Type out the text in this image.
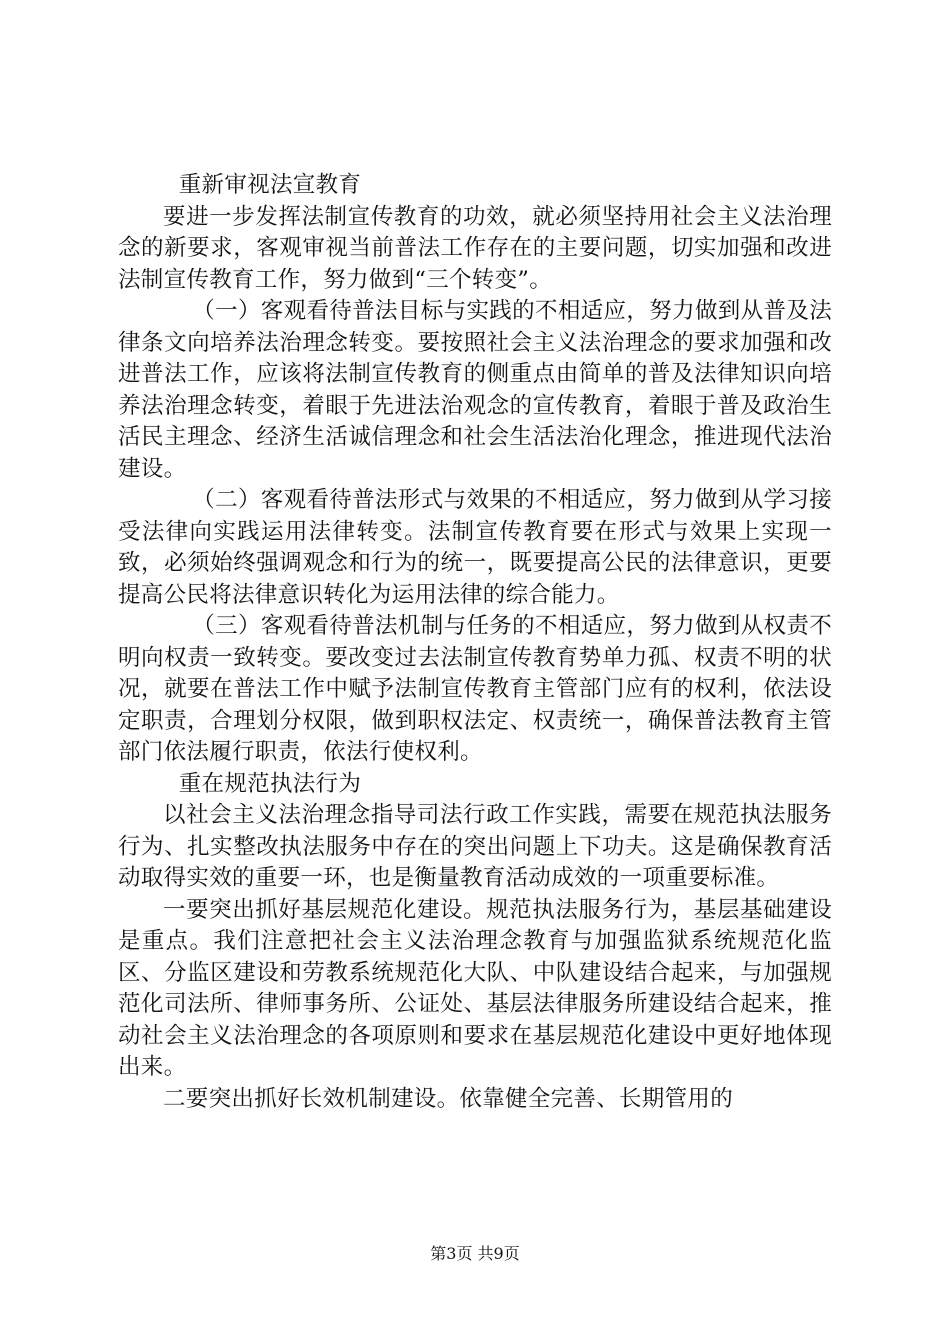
重新审视法宣教育

要进一步发挥法制宣传教育的功效，就必须坚持用社会主义法治理念的新要求，客观审视当前普法工作存在的主要问题，切实加强和改进法制宣传教育工作，努力做到“三个转变”。

（一）客观看待普法目标与实践的不相适应，努力做到从普及法律条文向培养法治理念转变。要按照社会主义法治理念的要求加强和改进普法工作，应该将法制宣传教育的侧重点由简单的普及法律知识向培养法治理念转变，着眼于先进法治观念的宣传教育，着眼于普及政治生活民主理念、经济生活诚信理念和社会生活法治化理念，推进现代法治建设。

（二）客观看待普法形式与效果的不相适应，努力做到从学习接受法律向实践运用法律转变。法制宣传教育要在形式与效果上实现一致，必须始终强调观念和行为的统一，既要提高公民的法律意识，更要提高公民将法律意识转化为运用法律的综合能力。

（三）客观看待普法机制与任务的不相适应，努力做到从权责不明向权责一致转变。要改变过去法制宣传教育势单力孤、权责不明的状况，就要在普法工作中赋予法制宣传教育主管部门应有的权利，依法设定职责，合理划分权限，做到职权法定、权责统一，确保普法教育主管部门依法履行职责，依法行使权利。

重在规范执法行为

以社会主义法治理念指导司法行政工作实践，需要在规范执法服务行为、扎实整改执法服务中存在的突出问题上下功夫。这是确保教育活动取得实效的重要一环，也是衡量教育活动成效的一项重要标准。

一要突出抓好基层规范化建设。规范执法服务行为，基层基础建设是重点。我们注意把社会主义法治理念教育与加强监狱系统规范化监区、分监区建设和劳教系统规范化大队、中队建设结合起来，与加强规范化司法所、律师事务所、公证处、基层法律服务所建设结合起来，推动社会主义法治理念的各项原则和要求在基层规范化建设中更好地体现出来。

二要突出抓好长效机制建设。依靠健全完善、长期管用的

第3页 共9页
